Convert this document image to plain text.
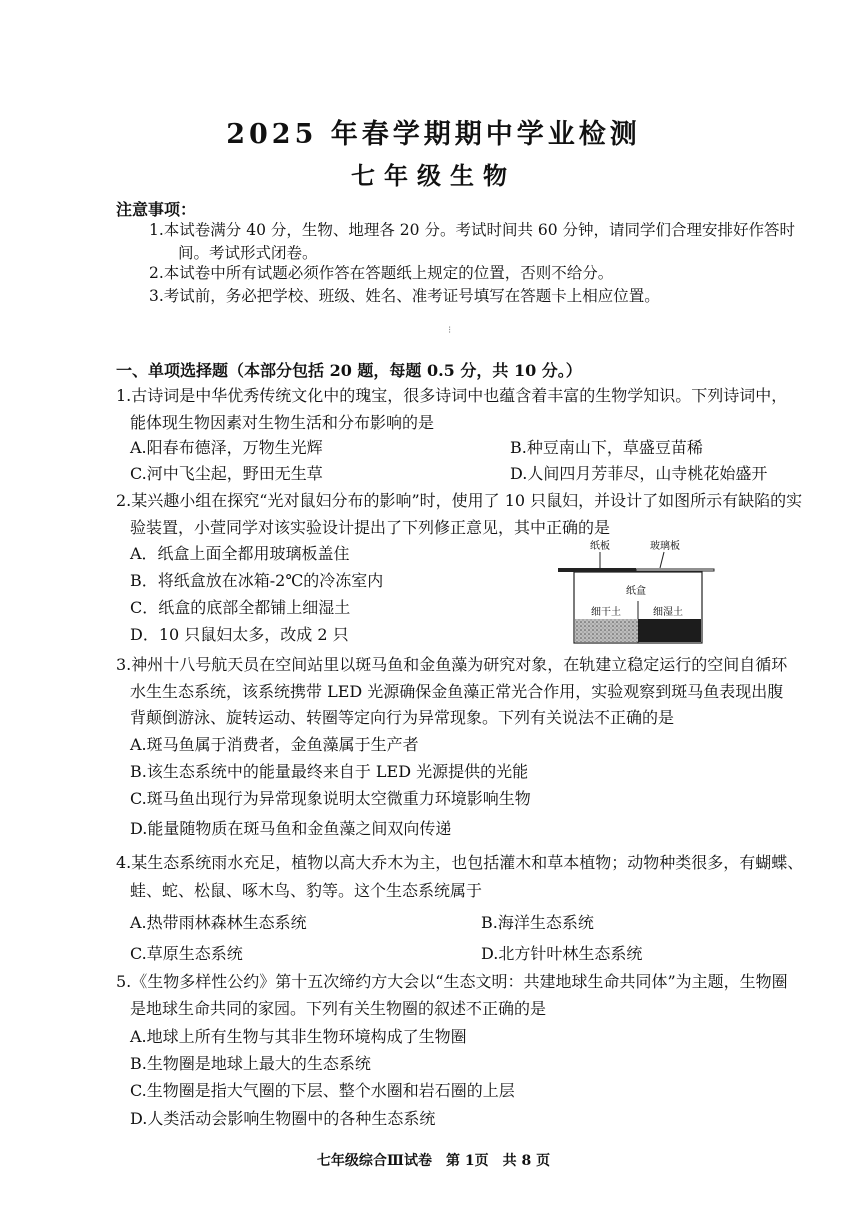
2025 年春学期期中学业检测
七年级生物
注意事项：
1.本试卷满分 40 分，生物、地理各 20 分。考试时间共 60 分钟，请同学们合理安排好作答时
间。考试形式闭卷。
2.本试卷中所有试题必须作答在答题纸上规定的位置，否则不给分。
3.考试前，务必把学校、班级、姓名、准考证号填写在答题卡上相应位置。
⁝
一、单项选择题（本部分包括 20 题，每题 0.5 分，共 10 分。）
1.古诗词是中华优秀传统文化中的瑰宝，很多诗词中也蕴含着丰富的生物学知识。下列诗词中，
能体现生物因素对生物生活和分布影响的是
A.阳春布德泽，万物生光辉	B.种豆南山下，草盛豆苗稀
C.河中飞尘起，野田无生草	D.人间四月芳菲尽，山寺桃花始盛开
2.某兴趣小组在探究“光对鼠妇分布的影响”时，使用了 10 只鼠妇，并设计了如图所示有缺陷的实
验装置，小萱同学对该实验设计提出了下列修正意见，其中正确的是
A．纸盒上面全都用玻璃板盖住
B．将纸盒放在冰箱-2℃的冷冻室内
C．纸盒的底部全都铺上细湿土
D．10 只鼠妇太多，改成 2 只
纸板	玻璃板
纸盒
细干土	细湿土
3.神州十八号航天员在空间站里以斑马鱼和金鱼藻为研究对象，在轨建立稳定运行的空间自循环
水生生态系统，该系统携带 LED 光源确保金鱼藻正常光合作用，实验观察到斑马鱼表现出腹
背颠倒游泳、旋转运动、转圈等定向行为异常现象。下列有关说法不正确的是
A.斑马鱼属于消费者，金鱼藻属于生产者
B.该生态系统中的能量最终来自于 LED 光源提供的光能
C.斑马鱼出现行为异常现象说明太空微重力环境影响生物
D.能量随物质在斑马鱼和金鱼藻之间双向传递
4.某生态系统雨水充足，植物以高大乔木为主，也包括灌木和草本植物；动物种类很多，有蝴蝶、
蛙、蛇、松鼠、啄木鸟、豹等。这个生态系统属于
A.热带雨林森林生态系统	B.海洋生态系统
C.草原生态系统	D.北方针叶林生态系统
5.《生物多样性公约》第十五次缔约方大会以“生态文明：共建地球生命共同体”为主题，生物圈
是地球生命共同的家园。下列有关生物圈的叙述不正确的是
A.地球上所有生物与其非生物环境构成了生物圈
B.生物圈是地球上最大的生态系统
C.生物圈是指大气圈的下层、整个水圈和岩石圈的上层
D.人类活动会影响生物圈中的各种生态系统
七年级综合Ⅲ试卷　第 1页　共 8 页
